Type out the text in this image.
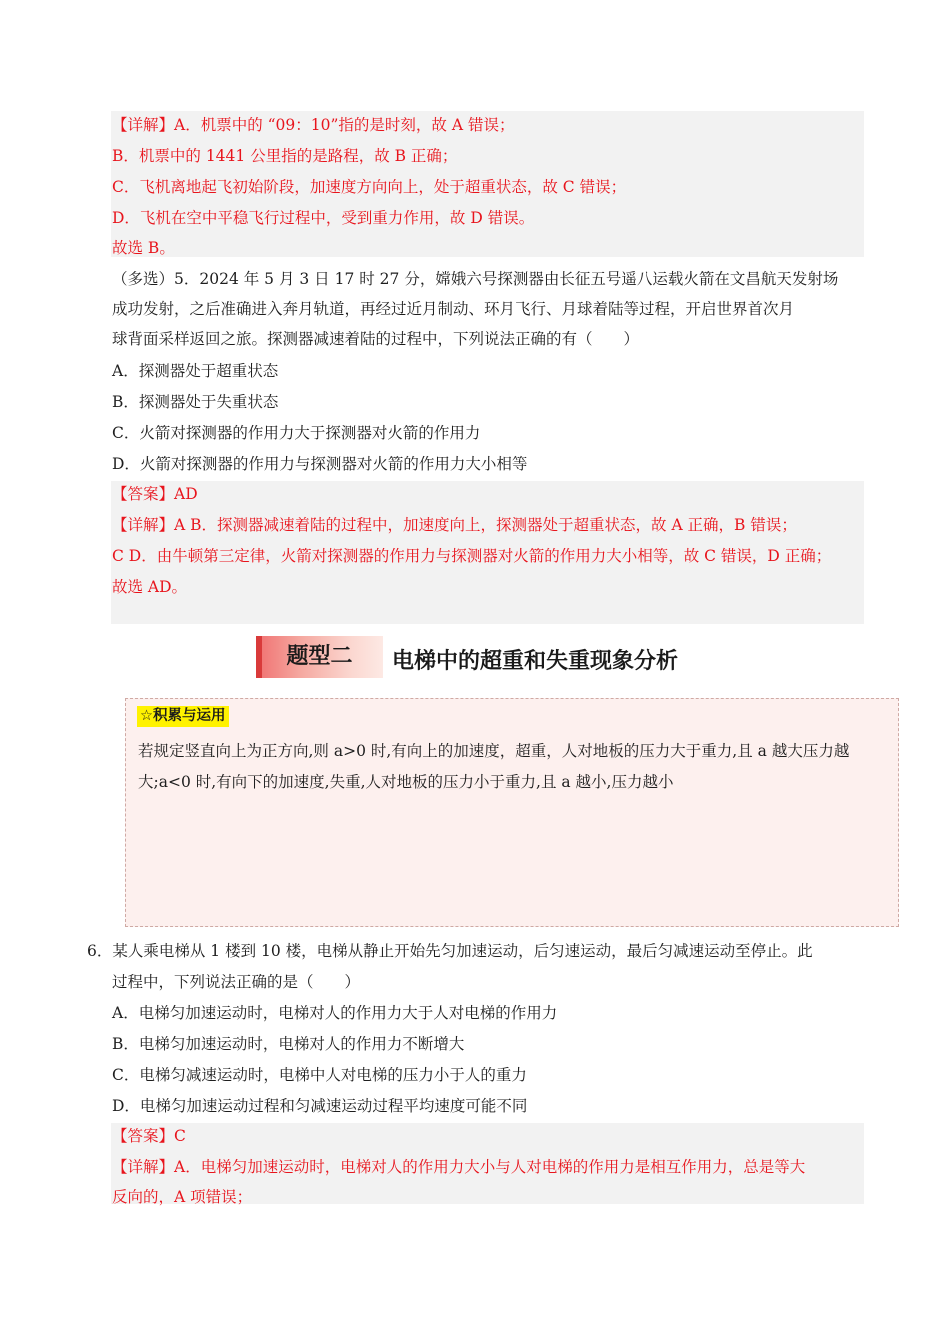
【详解】A．机票中的 “09：10”指的是时刻，故 A 错误；
B．机票中的 1441 公里指的是路程，故 B 正确；
C．飞机离地起飞初始阶段，加速度方向向上，处于超重状态，故 C 错误；
D．飞机在空中平稳飞行过程中，受到重力作用，故 D 错误。
故选 B。
（多选）5．2024 年 5 月 3 日 17 时 27 分，嫦娥六号探测器由长征五号遥八运载火箭在文昌航天发射场
成功发射，之后准确进入奔月轨道，再经过近月制动、环月飞行、月球着陆等过程，开启世界首次月
球背面采样返回之旅。探测器减速着陆的过程中，下列说法正确的有（　　）
A．探测器处于超重状态
B．探测器处于失重状态
C．火箭对探测器的作用力大于探测器对火箭的作用力
D．火箭对探测器的作用力与探测器对火箭的作用力大小相等
【答案】AD
【详解】A B．探测器减速着陆的过程中，加速度向上，探测器处于超重状态，故 A 正确，B 错误；
C D．由牛顿第三定律，火箭对探测器的作用力与探测器对火箭的作用力大小相等，故 C 错误，D 正确；
故选 AD。
题型二	电梯中的超重和失重现象分析
☆积累与运用
若规定竖直向上为正方向,则 a>0 时,有向上的加速度，超重，人对地板的压力大于重力,且 a 越大压力越
大;a<0 时,有向下的加速度,失重,人对地板的压力小于重力,且 a 越小,压力越小
6．某人乘电梯从 1 楼到 10 楼，电梯从静止开始先匀加速运动，后匀速运动，最后匀减速运动至停止。此
过程中，下列说法正确的是（　　）
A．电梯匀加速运动时，电梯对人的作用力大于人对电梯的作用力
B．电梯匀加速运动时，电梯对人的作用力不断增大
C．电梯匀减速运动时，电梯中人对电梯的压力小于人的重力
D．电梯匀加速运动过程和匀减速运动过程平均速度可能不同
【答案】C
【详解】A．电梯匀加速运动时，电梯对人的作用力大小与人对电梯的作用力是相互作用力，总是等大
反向的，A 项错误；
